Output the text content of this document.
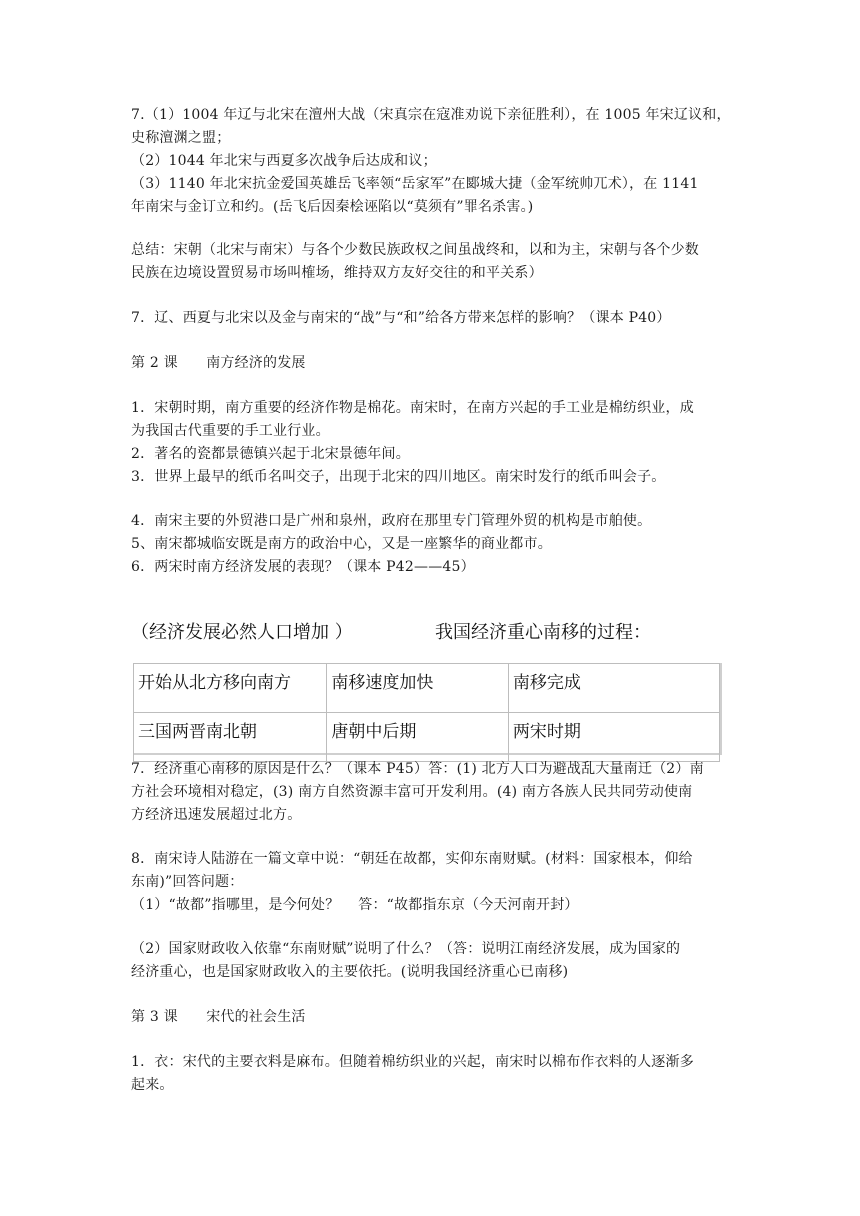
7.（1）1004 年辽与北宋在澶州大战（宋真宗在寇准劝说下亲征胜利），在 1005 年宋辽议和，
史称澶渊之盟；
（2）1044 年北宋与西夏多次战争后达成和议；
（3）1140 年北宋抗金爱国英雄岳飞率领“岳家军”在郾城大捷（金军统帅兀术），在 1141
年南宋与金订立和约。(岳飞后因秦桧诬陷以“莫须有”罪名杀害。)
总结：宋朝（北宋与南宋）与各个少数民族政权之间虽战终和，以和为主，宋朝与各个少数
民族在边境设置贸易市场叫榷场，维持双方友好交往的和平关系）
7．辽、西夏与北宋以及金与南宋的“战”与“和”给各方带来怎样的影响？（课本 P40）
第 2 课　　南方经济的发展
1．宋朝时期，南方重要的经济作物是棉花。南宋时，在南方兴起的手工业是棉纺织业，成
为我国古代重要的手工业行业。
2．著名的瓷都景德镇兴起于北宋景德年间。
3．世界上最早的纸币名叫交子，出现于北宋的四川地区。南宋时发行的纸币叫会子。
4．南宋主要的外贸港口是广州和泉州，政府在那里专门管理外贸的机构是市舶使。
5、南宋都城临安既是南方的政治中心，又是一座繁华的商业都市。
6．两宋时南方经济发展的表现？（课本 P42——45）
（经济发展必然人口增加 ）	我国经济重心南移的过程：
开始从北方移向南方	南移速度加快	南移完成
三国两晋南北朝	唐朝中后期	两宋时期
7．经济重心南移的原因是什么？（课本 P45）答：(1) 北方人口为避战乱大量南迁（2）南
方社会环境相对稳定，(3) 南方自然资源丰富可开发利用。(4) 南方各族人民共同劳动使南
方经济迅速发展超过北方。
8．南宋诗人陆游在一篇文章中说：“朝廷在故都，实仰东南财赋。(材料：国家根本，仰给
东南)”回答问题：
（1）“故都”指哪里，是今何处？　 答：“故都指东京（今天河南开封）
（2）国家财政收入依靠“东南财赋”说明了什么？（答：说明江南经济发展，成为国家的
经济重心，也是国家财政收入的主要依托。(说明我国经济重心已南移)
第 3 课　　宋代的社会生活
1．衣：宋代的主要衣料是麻布。但随着棉纺织业的兴起，南宋时以棉布作衣料的人逐渐多
起来。
